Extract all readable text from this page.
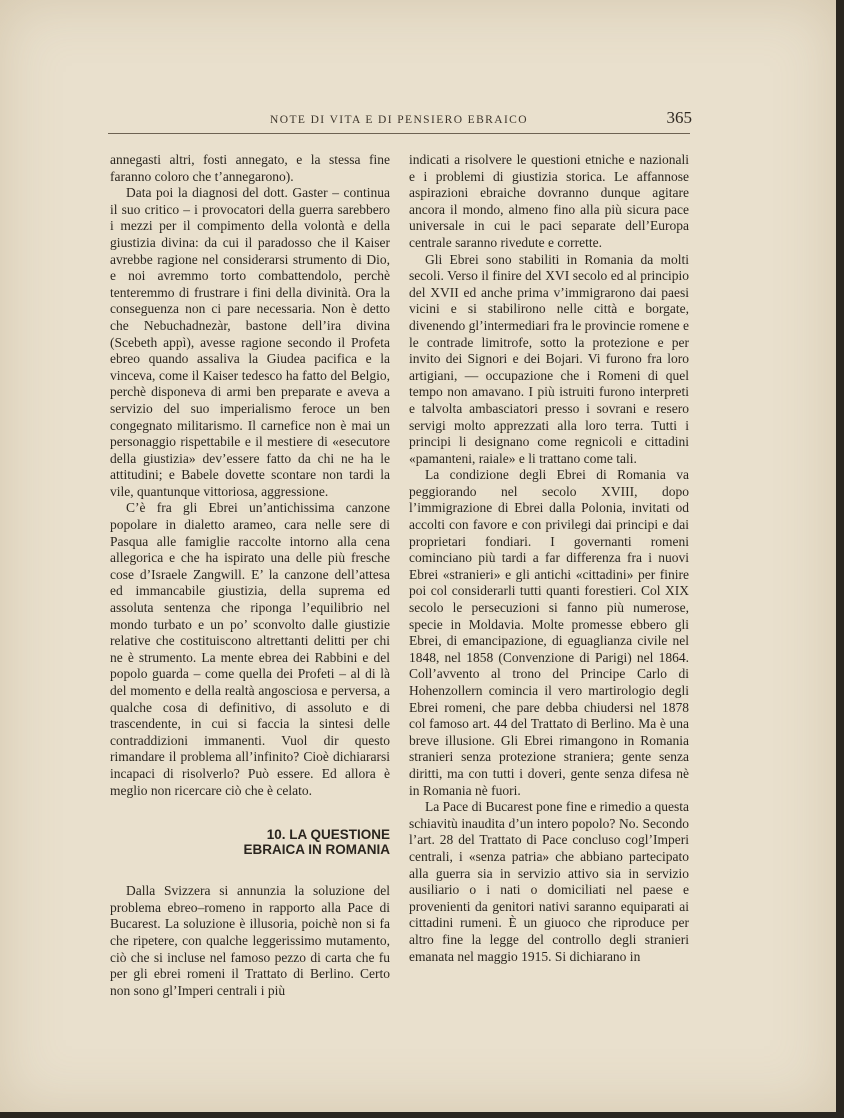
NOTE DI VITA E DI PENSIERO EBRAICO	365

annegasti altri, fosti annegato, e la stessa fine faranno coloro che t’annegarono).

Data poi la diagnosi del dott. Gaster – continua il suo critico – i provocatori della guerra sarebbero i mezzi per il compimento della volontà e della giustizia divina: da cui il paradosso che il Kaiser avrebbe ragione nel considerarsi strumento di Dio, e noi avremmo torto combattendolo, perchè tenteremmo di frustrare i fini della divinità. Ora la conseguenza non ci pare necessaria. Non è detto che Nebuchadnezàr, bastone dell’ira divina (Scebeth appì), avesse ragione secondo il Profeta ebreo quando assaliva la Giudea pacifica e la vinceva, come il Kaiser tedesco ha fatto del Belgio, perchè disponeva di armi ben preparate e aveva a servizio del suo imperialismo feroce un ben congegnato militarismo. Il carnefice non è mai un personaggio rispettabile e il mestiere di «esecutore della giustizia» dev’essere fatto da chi ne ha le attitudini; e Babele dovette scontare non tardi la vile, quantunque vittoriosa, aggressione.

C’è fra gli Ebrei un’antichissima canzone popolare in dialetto arameo, cara nelle sere di Pasqua alle famiglie raccolte intorno alla cena allegorica e che ha ispirato una delle più fresche cose d’Israele Zangwill. E’ la canzone dell’attesa ed immancabile giustizia, della suprema ed assoluta sentenza che riponga l’equilibrio nel mondo turbato e un po’ sconvolto dalle giustizie relative che costituiscono altrettanti delitti per chi ne è strumento. La mente ebrea dei Rabbini e del popolo guarda – come quella dei Profeti – al di là del momento e della realtà angosciosa e perversa, a qualche cosa di definitivo, di assoluto e di trascendente, in cui si faccia la sintesi delle contraddizioni immanenti. Vuol dir questo rimandare il problema all’infinito? Cioè dichiararsi incapaci di risolverlo? Può essere. Ed allora è meglio non ricercare ciò che è celato.

10. LA QUESTIONE
EBRAICA IN ROMANIA

Dalla Svizzera si annunzia la soluzione del problema ebreo–romeno in rapporto alla Pace di Bucarest. La soluzione è illusoria, poichè non si fa che ripetere, con qualche leggerissimo mutamento, ciò che si incluse nel famoso pezzo di carta che fu per gli ebrei romeni il Trattato di Berlino. Certo non sono gl’Imperi centrali i più

indicati a risolvere le questioni etniche e nazionali e i problemi di giustizia storica. Le affannose aspirazioni ebraiche dovranno dunque agitare ancora il mondo, almeno fino alla più sicura pace universale in cui le paci separate dell’Europa centrale saranno rivedute e corrette.

Gli Ebrei sono stabiliti in Romania da molti secoli. Verso il finire del XVI secolo ed al principio del XVII ed anche prima v’immigrarono dai paesi vicini e si stabilirono nelle città e borgate, divenendo gl’intermediari fra le provincie romene e le contrade limitrofe, sotto la protezione e per invito dei Signori e dei Bojari. Vi furono fra loro artigiani, — occupazione che i Romeni di quel tempo non amavano. I più istruiti furono interpreti e talvolta ambasciatori presso i sovrani e resero servigi molto apprezzati alla loro terra. Tutti i principi li designano come regnicoli e cittadini «pamanteni, raiale» e li trattano come tali.

La condizione degli Ebrei di Romania va peggiorando nel secolo XVIII, dopo l’immigrazione di Ebrei dalla Polonia, invitati od accolti con favore e con privilegi dai principi e dai proprietari fondiari. I governanti romeni cominciano più tardi a far differenza fra i nuovi Ebrei «stranieri» e gli antichi «cittadini» per finire poi col considerarli tutti quanti forestieri. Col XIX secolo le persecuzioni si fanno più numerose, specie in Moldavia. Molte promesse ebbero gli Ebrei, di emancipazione, di eguaglianza civile nel 1848, nel 1858 (Convenzione di Parigi) nel 1864. Coll’avvento al trono del Principe Carlo di Hohenzollern comincia il vero martirologio degli Ebrei romeni, che pare debba chiudersi nel 1878 col famoso art. 44 del Trattato di Berlino. Ma è una breve illusione. Gli Ebrei rimangono in Romania stranieri senza protezione straniera; gente senza diritti, ma con tutti i doveri, gente senza difesa nè in Romania nè fuori.

La Pace di Bucarest pone fine e rimedio a questa schiavitù inaudita d’un intero popolo? No. Secondo l’art. 28 del Trattato di Pace concluso cogl’Imperi centrali, i «senza patria» che abbiano partecipato alla guerra sia in servizio attivo sia in servizio ausiliario o i nati o domiciliati nel paese e provenienti da genitori nativi saranno equiparati ai cittadini rumeni. È un giuoco che riproduce per altro fine la legge del controllo degli stranieri emanata nel maggio 1915. Si dichiarano in
